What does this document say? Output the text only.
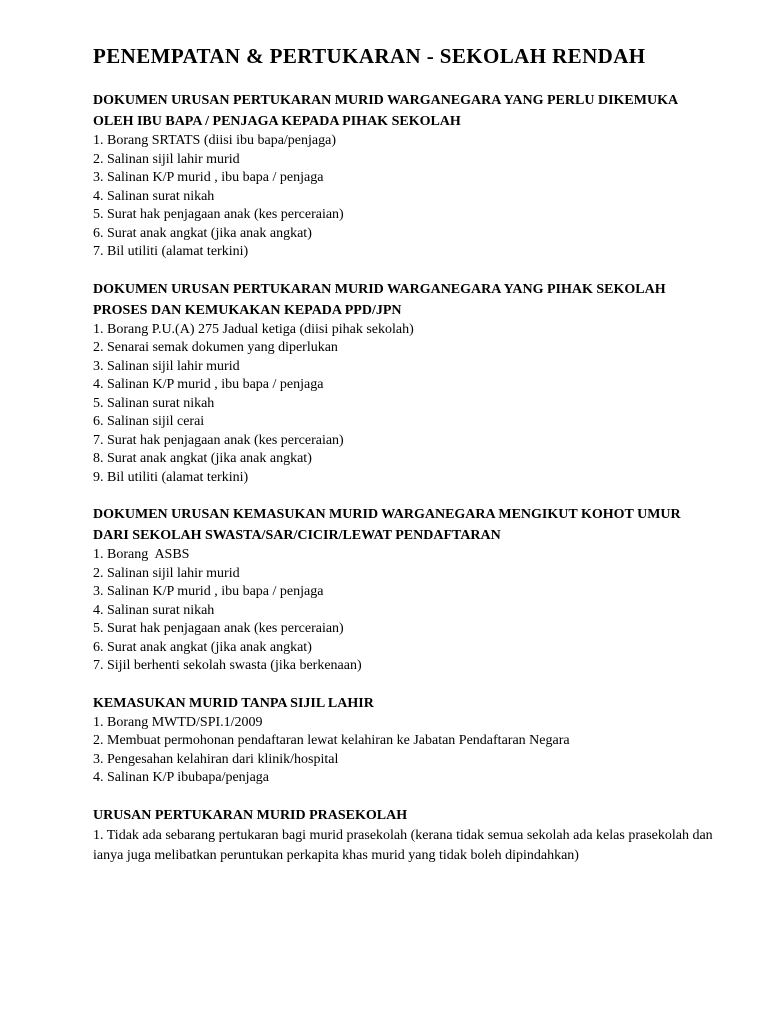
PENEMPATAN & PERTUKARAN - SEKOLAH RENDAH

DOKUMEN URUSAN PERTUKARAN MURID WARGANEGARA YANG PERLU DIKEMUKA OLEH IBU BAPA / PENJAGA KEPADA PIHAK SEKOLAH

1. Borang SRTATS (diisi ibu bapa/penjaga)
2. Salinan sijil lahir murid
3. Salinan K/P murid , ibu bapa / penjaga
4. Salinan surat nikah
5. Surat hak penjagaan anak (kes perceraian)
6. Surat anak angkat (jika anak angkat)
7. Bil utiliti (alamat terkini)

DOKUMEN URUSAN PERTUKARAN MURID WARGANEGARA YANG PIHAK SEKOLAH PROSES DAN KEMUKAKAN KEPADA PPD/JPN

1. Borang P.U.(A) 275 Jadual ketiga (diisi pihak sekolah)
2. Senarai semak dokumen yang diperlukan
3. Salinan sijil lahir murid
4. Salinan K/P murid , ibu bapa / penjaga
5. Salinan surat nikah
6. Salinan sijil cerai
7. Surat hak penjagaan anak (kes perceraian)
8. Surat anak angkat (jika anak angkat)
9. Bil utiliti (alamat terkini)

DOKUMEN URUSAN KEMASUKAN MURID WARGANEGARA MENGIKUT KOHOT UMUR DARI SEKOLAH SWASTA/SAR/CICIR/LEWAT PENDAFTARAN

1. Borang  ASBS
2. Salinan sijil lahir murid
3. Salinan K/P murid , ibu bapa / penjaga
4. Salinan surat nikah
5. Surat hak penjagaan anak (kes perceraian)
6. Surat anak angkat (jika anak angkat)
7. Sijil berhenti sekolah swasta (jika berkenaan)

KEMASUKAN MURID TANPA SIJIL LAHIR

1. Borang MWTD/SPI.1/2009
2. Membuat permohonan pendaftaran lewat kelahiran ke Jabatan Pendaftaran Negara
3. Pengesahan kelahiran dari klinik/hospital
4. Salinan K/P ibubapa/penjaga

URUSAN PERTUKARAN MURID PRASEKOLAH

1. Tidak ada sebarang pertukaran bagi murid prasekolah (kerana tidak semua sekolah ada kelas prasekolah dan ianya juga melibatkan peruntukan perkapita khas murid yang tidak boleh dipindahkan)
